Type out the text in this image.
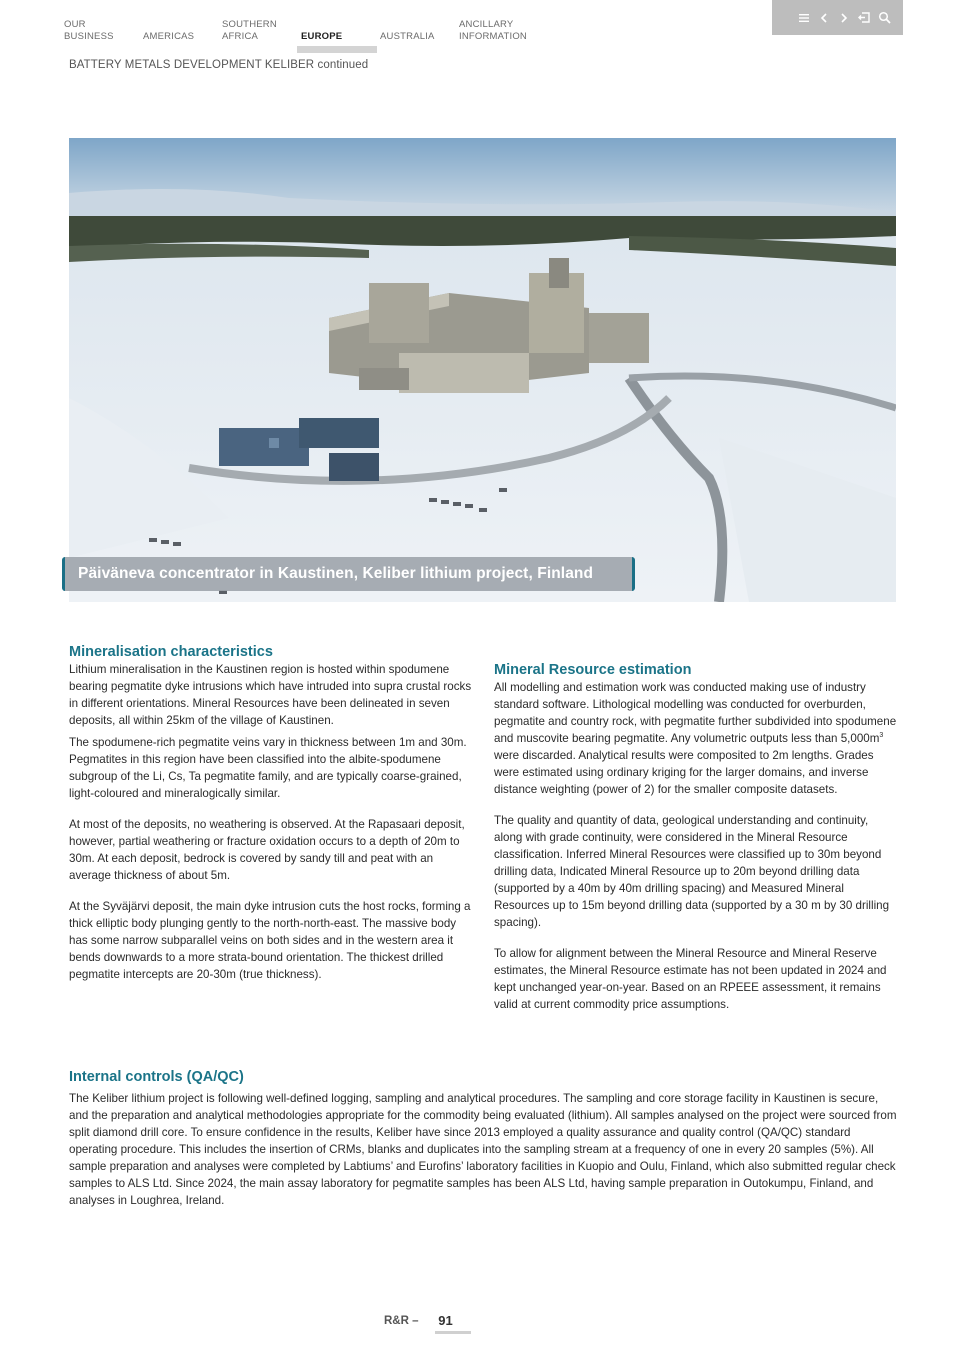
OUR
BUSINESS
	AMERICAS
SOUTHERN
AFRICA
	EUROPE
	AUSTRALIA
ANCILLARY
INFORMATION
BATTERY METALS DEVELOPMENT KELIBER continued
Päiväneva concentrator in Kaustinen, Keliber lithium project, Finland
Mineralisation characteristics

Lithium mineralisation in the Kaustinen region is hosted within spodumene bearing pegmatite dyke intrusions which have intruded into supra crustal rocks in different orientations. Mineral Resources have been delineated in seven deposits, all within 25km of the village of Kaustinen.

The spodumene-rich pegmatite veins vary in thickness between 1m and 30m. Pegmatites in this region have been classified into the albite-spodumene subgroup of the Li, Cs, Ta pegmatite family, and are typically coarse-grained, light-coloured and mineralogically similar.

At most of the deposits, no weathering is observed. At the Rapasaari deposit, however, partial weathering or fracture oxidation occurs to a depth of 20m to 30m. At each deposit, bedrock is covered by sandy till and peat with an average thickness of about 5m.

At the Syväjärvi deposit, the main dyke intrusion cuts the host rocks, forming a thick elliptic body plunging gently to the north-north-east. The massive body has some narrow subparallel veins on both sides and in the western area it bends downwards to a more strata-bound orientation. The thickest drilled pegmatite intercepts are 20-30m (true thickness).

Mineral Resource estimation

All modelling and estimation work was conducted making use of industry standard software. Lithological modelling was conducted for overburden, pegmatite and country rock, with pegmatite further subdivided into spodumene and muscovite bearing pegmatite. Any volumetric outputs less than $5,000m^3$ were discarded. Analytical results were composited to 2m lengths. Grades were estimated using ordinary kriging for the larger domains, and inverse distance weighting (power of 2) for the smaller composite datasets.

The quality and quantity of data, geological understanding and continuity, along with grade continuity, were considered in the Mineral Resource classification. Inferred Mineral Resources were classified up to 30m beyond drilling data, Indicated Mineral Resource up to 20m beyond drilling data (supported by a 40m by 40m drilling spacing) and Measured Mineral Resources up to 15m beyond drilling data (supported by a 30 m by 30 drilling spacing).

To allow for alignment between the Mineral Resource and Mineral Reserve estimates, the Mineral Resource estimate has not been updated in 2024 and kept unchanged year-on-year. Based on an RPEEE assessment, it remains valid at current commodity price assumptions.

Internal controls (QA/QC)

The Keliber lithium project is following well-defined logging, sampling and analytical procedures. The sampling and core storage facility in Kaustinen is secure, and the preparation and analytical methodologies appropriate for the commodity being evaluated (lithium). All samples analysed on the project were sourced from split diamond drill core. To ensure confidence in the results, Keliber have since 2013 employed a quality assurance and quality control (QA/QC) standard operating procedure. This includes the insertion of CRMs, blanks and duplicates into the sampling stream at a frequency of one in every 20 samples (5%). All sample preparation and analyses were completed by Labtiums’ and Eurofins’ laboratory facilities in Kuopio and Oulu, Finland, which also submitted regular check samples to ALS Ltd. Since 2024, the main assay laboratory for pegmatite samples has been ALS Ltd, having sample preparation in Outokumpu, Finland, and analyses in Loughrea, Ireland.

R&R –	91
